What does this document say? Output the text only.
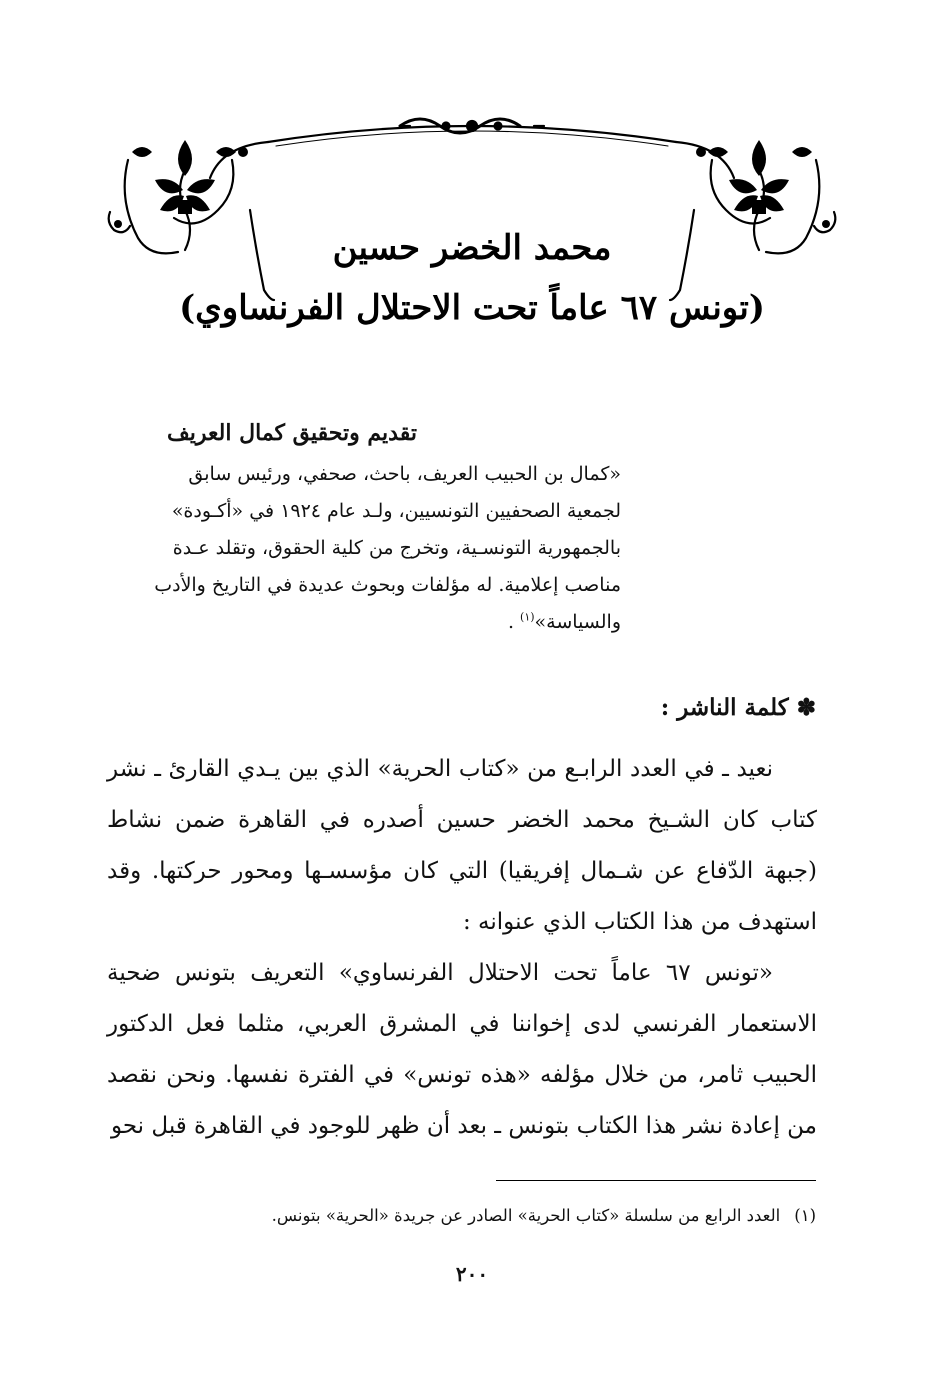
محمد الخضر حسين
(تونس ٦٧ عاماً تحت الاحتلال الفرنساوي)
تقديم وتحقيق كمال العريف

«كمال بن الحبيب العريف، باحث، صحفي، ورئيس سابق

لجمعية الصحفيين التونسيين، ولـد عام ١٩٢٤ في «أكـودة»

بالجمهورية التونسـية، وتخرج من كلية الحقوق، وتقلد عـدة

مناصب إعلامية. له مؤلفات وبحوث عديدة في التاريخ والأدب

والسياسة»$^{(١)}$ .

✽ كلمة الناشر :

نعيد ـ في العدد الرابـع من «كتاب الحرية» الذي بين يـدي القارئ ـ نشر كتاب كان الشـيخ محمد الخضر حسين أصدره في القاهرة ضمن نشاط (جبهة الدّفاع عن شـمال إفريقيا) التي كان مؤسسـها ومحور حركتها. وقد استهدف من هذا الكتاب الذي عنوانه :

«تونس ٦٧ عاماً تحت الاحتلال الفرنساوي» التعريف بتونس ضحية الاستعمار الفرنسي لدى إخواننا في المشرق العربي، مثلما فعل الدكتور الحبيب ثامر، من خلال مؤلفه «هذه تونس» في الفترة نفسها. ونحن نقصد من إعادة نشر هذا الكتاب بتونس ـ بعد أن ظهر للوجود في القاهرة قبل نحو

(١)العدد الرابع من سلسلة «كتاب الحرية» الصادر عن جريدة «الحرية» بتونس.
٢٠٠
